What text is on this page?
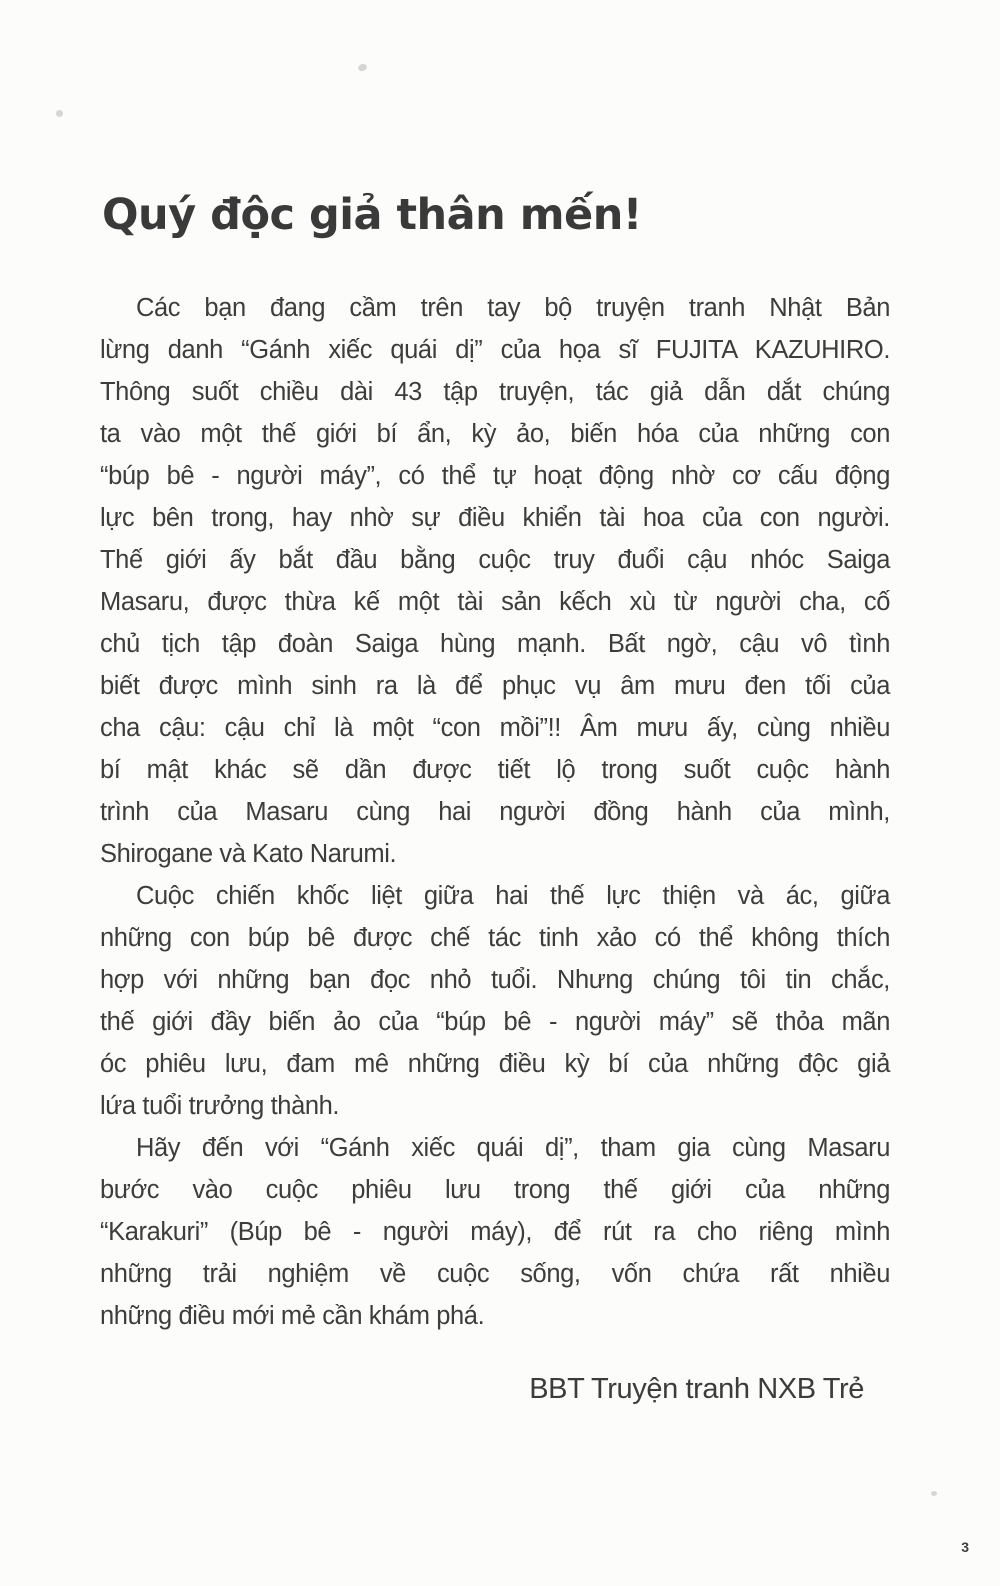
Quý độc giả thân mến!
Các bạn đang cầm trên tay bộ truyện tranh Nhật Bản
lừng danh “Gánh xiếc quái dị” của họa sĩ FUJITA KAZUHIRO.
Thông suốt chiều dài 43 tập truyện, tác giả dẫn dắt chúng
ta vào một thế giới bí ẩn, kỳ ảo, biến hóa của những con
“búp bê - người máy”, có thể tự hoạt động nhờ cơ cấu động
lực bên trong, hay nhờ sự điều khiển tài hoa của con người.
Thế giới ấy bắt đầu bằng cuộc truy đuổi cậu nhóc Saiga
Masaru, được thừa kế một tài sản kếch xù từ người cha, cố
chủ tịch tập đoàn Saiga hùng mạnh. Bất ngờ, cậu vô tình
biết được mình sinh ra là để phục vụ âm mưu đen tối của
cha cậu: cậu chỉ là một “con mồi”!! Âm mưu ấy, cùng nhiều
bí mật khác sẽ dần được tiết lộ trong suốt cuộc hành
trình của Masaru cùng hai người đồng hành của mình,
Shirogane và Kato Narumi.
Cuộc chiến khốc liệt giữa hai thế lực thiện và ác, giữa
những con búp bê được chế tác tinh xảo có thể không thích
hợp với những bạn đọc nhỏ tuổi. Nhưng chúng tôi tin chắc,
thế giới đầy biến ảo của “búp bê - người máy” sẽ thỏa mãn
óc phiêu lưu, đam mê những điều kỳ bí của những độc giả
lứa tuổi trưởng thành.
Hãy đến với “Gánh xiếc quái dị”, tham gia cùng Masaru
bước vào cuộc phiêu lưu trong thế giới của những
“Karakuri” (Búp bê - người máy), để rút ra cho riêng mình
những trải nghiệm về cuộc sống, vốn chứa rất nhiều
những điều mới mẻ cần khám phá.
BBT Truyện tranh NXB Trẻ
3
